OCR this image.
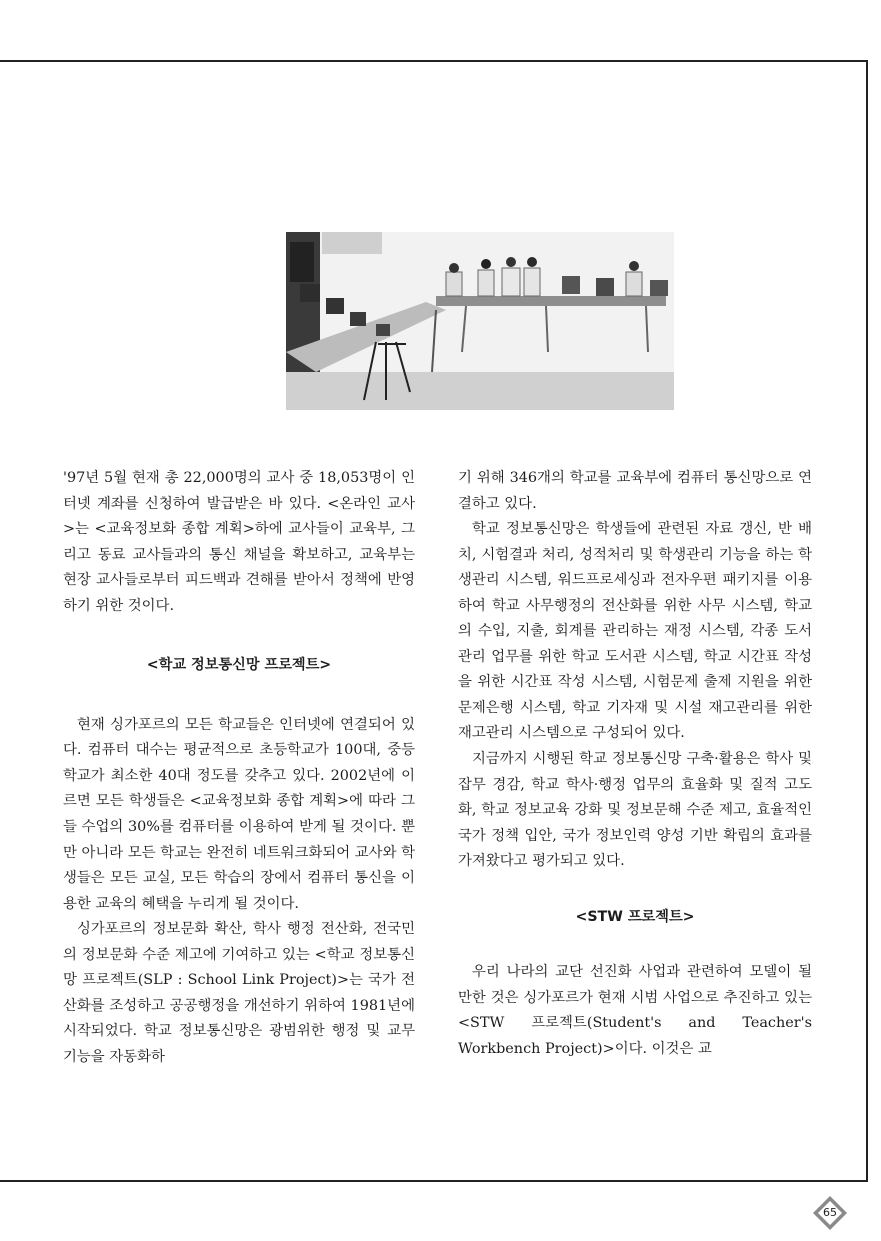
'97년 5월 현재 총 22,000명의 교사 중 18,053명이 인터넷 계좌를 신청하여 발급받은 바 있다. <온라인 교사>는 <교육정보화 종합 계획>하에 교사들이 교육부, 그리고 동료 교사들과의 통신 채널을 확보하고, 교육부는 현장 교사들로부터 피드백과 견해를 받아서 정책에 반영하기 위한 것이다.

<학교 정보통신망 프로젝트>

현재 싱가포르의 모든 학교들은 인터넷에 연결되어 있다. 컴퓨터 대수는 평균적으로 초등학교가 100대, 중등학교가 최소한 40대 정도를 갖추고 있다. 2002년에 이르면 모든 학생들은 <교육정보화 종합 계획>에 따라 그들 수업의 30%를 컴퓨터를 이용하여 받게 될 것이다. 뿐만 아니라 모든 학교는 완전히 네트워크화되어 교사와 학생들은 모든 교실, 모든 학습의 장에서 컴퓨터 통신을 이용한 교육의 혜택을 누리게 될 것이다.

싱가포르의 정보문화 확산, 학사 행정 전산화, 전국민의 정보문화 수준 제고에 기여하고 있는 <학교 정보통신망 프로젝트(SLP : School Link Project)>는 국가 전산화를 조성하고 공공행정을 개선하기 위하여 1981년에 시작되었다. 학교 정보통신망은 광범위한 행정 및 교무 기능을 자동화하

기 위해 346개의 학교를 교육부에 컴퓨터 통신망으로 연결하고 있다.

학교 정보통신망은 학생들에 관련된 자료 갱신, 반 배치, 시험결과 처리, 성적처리 및 학생관리 기능을 하는 학생관리 시스템, 워드프로세싱과 전자우편 패키지를 이용하여 학교 사무행정의 전산화를 위한 사무 시스템, 학교의 수입, 지출, 회계를 관리하는 재정 시스템, 각종 도서관리 업무를 위한 학교 도서관 시스템, 학교 시간표 작성을 위한 시간표 작성 시스템, 시험문제 출제 지원을 위한 문제은행 시스템, 학교 기자재 및 시설 재고관리를 위한 재고관리 시스템으로 구성되어 있다.

지금까지 시행된 학교 정보통신망 구축·활용은 학사 및 잡무 경감, 학교 학사·행정 업무의 효율화 및 질적 고도화, 학교 정보교육 강화 및 정보문해 수준 제고, 효율적인 국가 정책 입안, 국가 정보인력 양성 기반 확립의 효과를 가져왔다고 평가되고 있다.

<STW 프로젝트>

우리 나라의 교단 선진화 사업과 관련하여 모델이 될 만한 것은 싱가포르가 현재 시범 사업으로 추진하고 있는 <STW 프로젝트(Student's and Teacher's Workbench Project)>이다. 이것은 교

65
